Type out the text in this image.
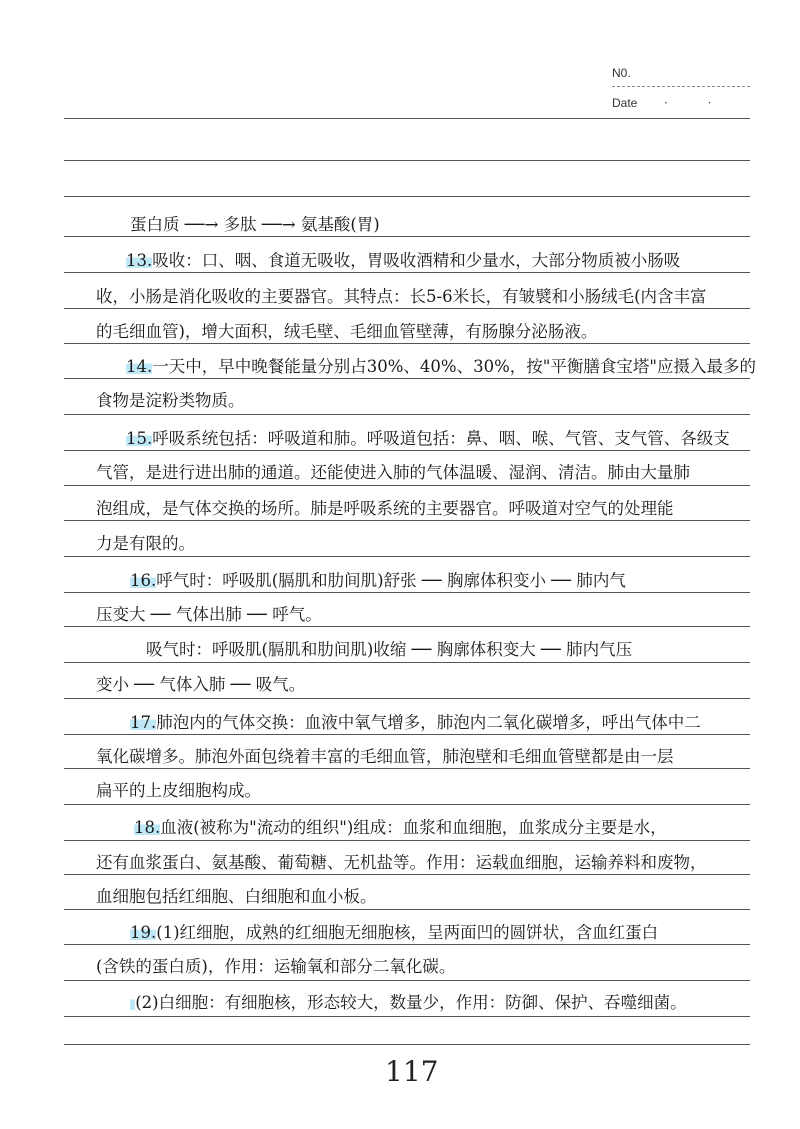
N0.
Date · ·
蛋白质 ──→ 多肽 ──→ 氨基酸(胃)
13.吸收：口、咽、食道无吸收，胃吸收酒精和少量水，大部分物质被小肠吸
收，小肠是消化吸收的主要器官。其特点：长5-6米长，有皱襞和小肠绒毛(内含丰富
的毛细血管)，增大面积，绒毛壁、毛细血管壁薄，有肠腺分泌肠液。
14.一天中，早中晚餐能量分别占30%、40%、30%，按"平衡膳食宝塔"应摄入最多的
食物是淀粉类物质。
15.呼吸系统包括：呼吸道和肺。呼吸道包括：鼻、咽、喉、气管、支气管、各级支
气管，是进行进出肺的通道。还能使进入肺的气体温暖、湿润、清洁。肺由大量肺
泡组成，是气体交换的场所。肺是呼吸系统的主要器官。呼吸道对空气的处理能
力是有限的。
16.呼气时：呼吸肌(膈肌和肋间肌)舒张 ── 胸廓体积变小 ── 肺内气
压变大 ── 气体出肺 ── 呼气。
吸气时：呼吸肌(膈肌和肋间肌)收缩 ── 胸廓体积变大 ── 肺内气压
变小 ── 气体入肺 ── 吸气。
17.肺泡内的气体交换：血液中氧气增多，肺泡内二氧化碳增多，呼出气体中二
氧化碳增多。肺泡外面包绕着丰富的毛细血管，肺泡壁和毛细血管壁都是由一层
扁平的上皮细胞构成。
18.血液(被称为"流动的组织")组成：血浆和血细胞，血浆成分主要是水，
还有血浆蛋白、氨基酸、葡萄糖、无机盐等。作用：运载血细胞，运输养料和废物，
血细胞包括红细胞、白细胞和血小板。
19.(1)红细胞，成熟的红细胞无细胞核，呈两面凹的圆饼状，含血红蛋白
(含铁的蛋白质)，作用：运输氧和部分二氧化碳。
(2)白细胞：有细胞核，形态较大，数量少，作用：防御、保护、吞噬细菌。
117
